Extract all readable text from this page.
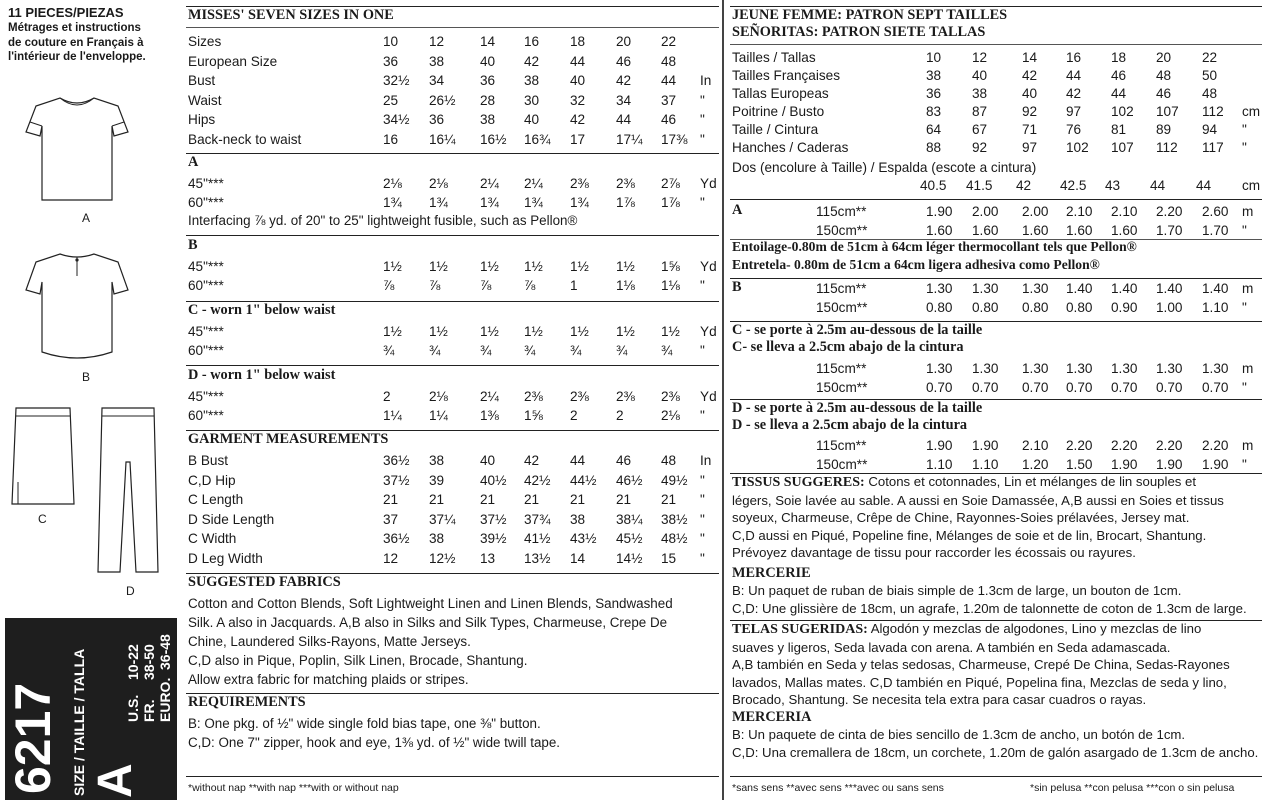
11 PIECES/PIEZAS
Métrages et instructions
de couture en Français à
l'intérieur de l'enveloppe.
A
B
C
D
6217 SIZE / TAILLE / TALLA A
U.S.
10-22
FR.
38-50
EURO.
36-48
MISSES' SEVEN SIZES IN ONE
Sizes	10 12	14 16 18 20 22
European Size	36 38	40 42 44 46 48
Bust	32½ 34	36 38 40 42 44 In
Waist	25 26½ 28 30 32 34 37 "
Hips	34½ 36	38 40 42 44 46 "
Back-neck to waist	16 16¼ 16½ 16¾ 17 17¼ 17⅜ "
A
45"***	2⅛ 2⅛ 2¼ 2¼ 2⅜ 2⅜ 2⅞ Yd
60"***	1¾ 1¾ 1¾ 1¾ 1¾ 1⅞ 1⅞ "
Interfacing ⅞ yd. of 20" to 25" lightweight fusible, such as Pellon®
B
45"***	1½ 1½ 1½ 1½ 1½ 1½ 1⅝ Yd
60"***	⅞	⅞	⅞ ⅞	1	1⅛ 1⅛ "
C - worn 1" below waist
45"***	1½ 1½ 1½ 1½ 1½ 1½ 1½ Yd
60"***	¾	¾	¾ ¾	¾	¾ ¾ "
D - worn 1" below waist
45"***	2	2⅛ 2¼ 2⅜ 2⅜ 2⅜ 2⅜ Yd
60"***	1¼ 1¼ 1⅜ 1⅝ 2	2	2⅛ "
GARMENT MEASUREMENTS
B Bust	36½ 38	40 42 44 46 48 In
C,D Hip	37½ 39	40½ 42½ 44½ 46½ 49½ "
C Length	21 21	21 21 21 21 21 "
D Side Length	37 37¼ 37½ 37¾ 38 38¼ 38½ "
C Width	36½ 38	39½ 41½ 43½ 45½ 48½ "
D Leg Width	12 12½ 13 13½ 14 14½ 15 "
SUGGESTED FABRICS
Cotton and Cotton Blends, Soft Lightweight Linen and Linen Blends, Sandwashed
Silk. A also in Jacquards. A,B also in Silks and Silk Types, Charmeuse, Crepe De
Chine, Laundered Silks-Rayons, Matte Jerseys.
C,D also in Pique, Poplin, Silk Linen, Brocade, Shantung.
Allow extra fabric for matching plaids or stripes.
REQUIREMENTS
B: One pkg. of ½" wide single fold bias tape, one ⅜" button.
C,D: One 7" zipper, hook and eye, 1⅜ yd. of ½" wide twill tape.
*without nap **with nap ***with or without nap
JEUNE FEMME: PATRON SEPT TAILLES
SEÑORITAS: PATRON SIETE TALLAS
Tailles / Tallas	10 12	14 16 18 20 22
Tailles Françaises	38 40	42 44 46 48 50
Tallas Europeas	36 38	40 42 44 46 48
Poitrine / Busto	83 87	92 97 102 107 112 cm
Taille / Cintura	64 67	71 76 81 89 94 "
Hanches / Caderas	88 92	97 102 107 112 117 "
Dos (encolure à Taille) / Espalda (escote a cintura)
40.5 41.5 42 42.5 43 44 44 cm
A	115cm**	1.90 2.00 2.00 2.10 2.10 2.20 2.60 m
150cm**	1.60 1.60 1.60 1.60 1.60 1.70 1.70 "
Entoilage-0.80m de 51cm à 64cm léger thermocollant tels que Pellon®
Entretela- 0.80m de 51cm a 64cm ligera adhesiva como Pellon®
B	115cm**	1.30 1.30 1.30 1.40 1.40 1.40 1.40 m
150cm**	0.80 0.80 0.80 0.80 0.90 1.00 1.10 "
C - se porte à 2.5m au-dessous de la taille
C- se lleva a 2.5cm abajo de la cintura
115cm**	1.30 1.30 1.30 1.30 1.30 1.30 1.30 m
150cm**	0.70 0.70 0.70 0.70 0.70 0.70 0.70 "
D - se porte à 2.5m au-dessous de la taille
D - se lleva a 2.5cm abajo de la cintura
115cm**	1.90 1.90 2.10 2.20 2.20 2.20 2.20 m
150cm**	1.10 1.10 1.20 1.50 1.90 1.90 1.90 "
TISSUS SUGGERES: Cotons et cotonnades, Lin et mélanges de lin souples et
légers, Soie lavée au sable. A aussi en Soie Damassée, A,B aussi en Soies et tissus
soyeux, Charmeuse, Crêpe de Chine, Rayonnes-Soies prélavées, Jersey mat.
C,D aussi en Piqué, Popeline fine, Mélanges de soie et de lin, Brocart, Shantung.
Prévoyez davantage de tissu pour raccorder les écossais ou rayures.
MERCERIE
B: Un paquet de ruban de biais simple de 1.3cm de large, un bouton de 1cm.
C,D: Une glissière de 18cm, un agrafe, 1.20m de talonnette de coton de 1.3cm de large.
TELAS SUGERIDAS: Algodón y mezclas de algodones, Lino y mezclas de lino
suaves y ligeros, Seda lavada con arena. A también en Seda adamascada.
A,B también en Seda y telas sedosas, Charmeuse, Crepé De China, Sedas-Rayones
lavados, Mallas mates. C,D también en Piqué, Popelina fina, Mezclas de seda y lino,
Brocado, Shantung. Se necesita tela extra para casar cuadros o rayas.
MERCERIA
B: Un paquete de cinta de bies sencillo de 1.3cm de ancho, un botón de 1cm.
C,D: Una cremallera de 18cm, un corchete, 1.20m de galón asargado de 1.3cm de ancho.
*sans sens **avec sens ***avec ou sans sens	*sin pelusa **con pelusa ***con o sin pelusa
